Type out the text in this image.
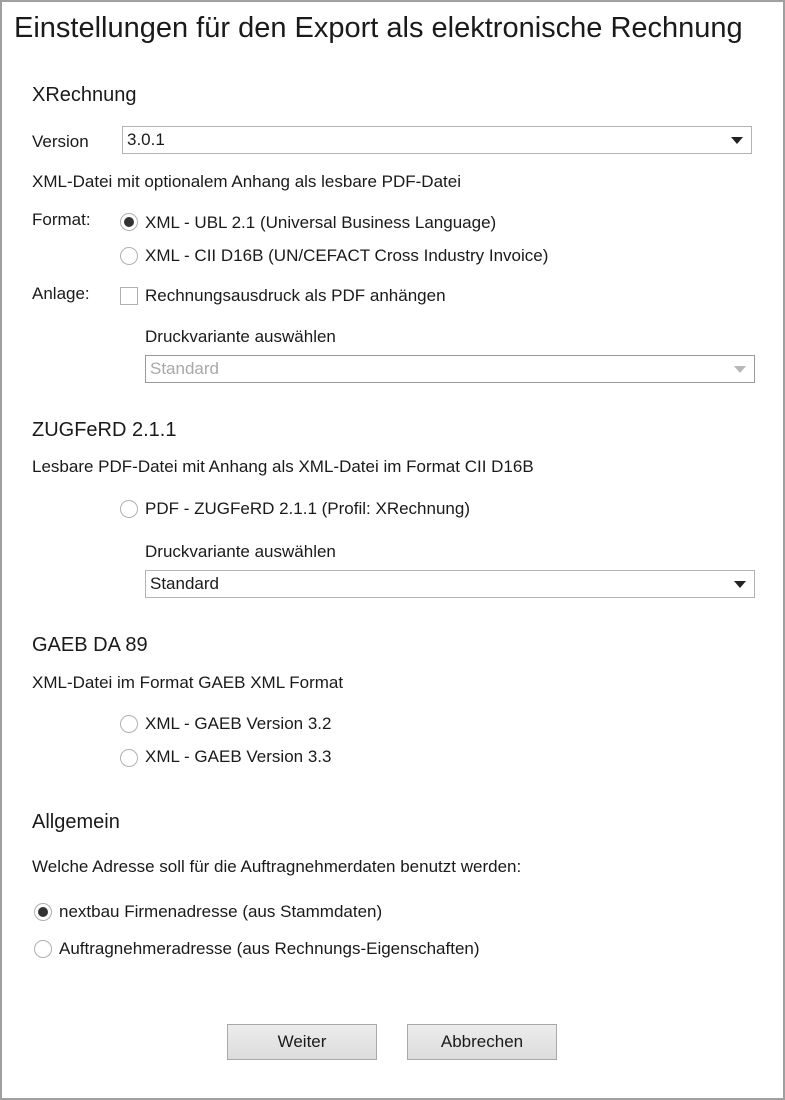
Einstellungen für den Export als elektronische Rechnung
XRechnung
Version 3.0.1
XML-Datei mit optionalem Anhang als lesbare PDF-Datei
Format:	XML - UBL 2.1 (Universal Business Language)
XML - CII D16B (UN/CEFACT Cross Industry Invoice)
Anlage:	Rechnungsausdruck als PDF anhängen
Druckvariante auswählen
Standard
ZUGFeRD 2.1.1
Lesbare PDF-Datei mit Anhang als XML-Datei im Format CII D16B
PDF - ZUGFeRD 2.1.1 (Profil: XRechnung)
Druckvariante auswählen
Standard
GAEB DA 89
XML-Datei im Format GAEB XML Format
XML - GAEB Version 3.2
XML - GAEB Version 3.3
Allgemein
Welche Adresse soll für die Auftragnehmerdaten benutzt werden:
nextbau Firmenadresse (aus Stammdaten)
Auftragnehmeradresse (aus Rechnungs-Eigenschaften)
Weiter	Abbrechen
